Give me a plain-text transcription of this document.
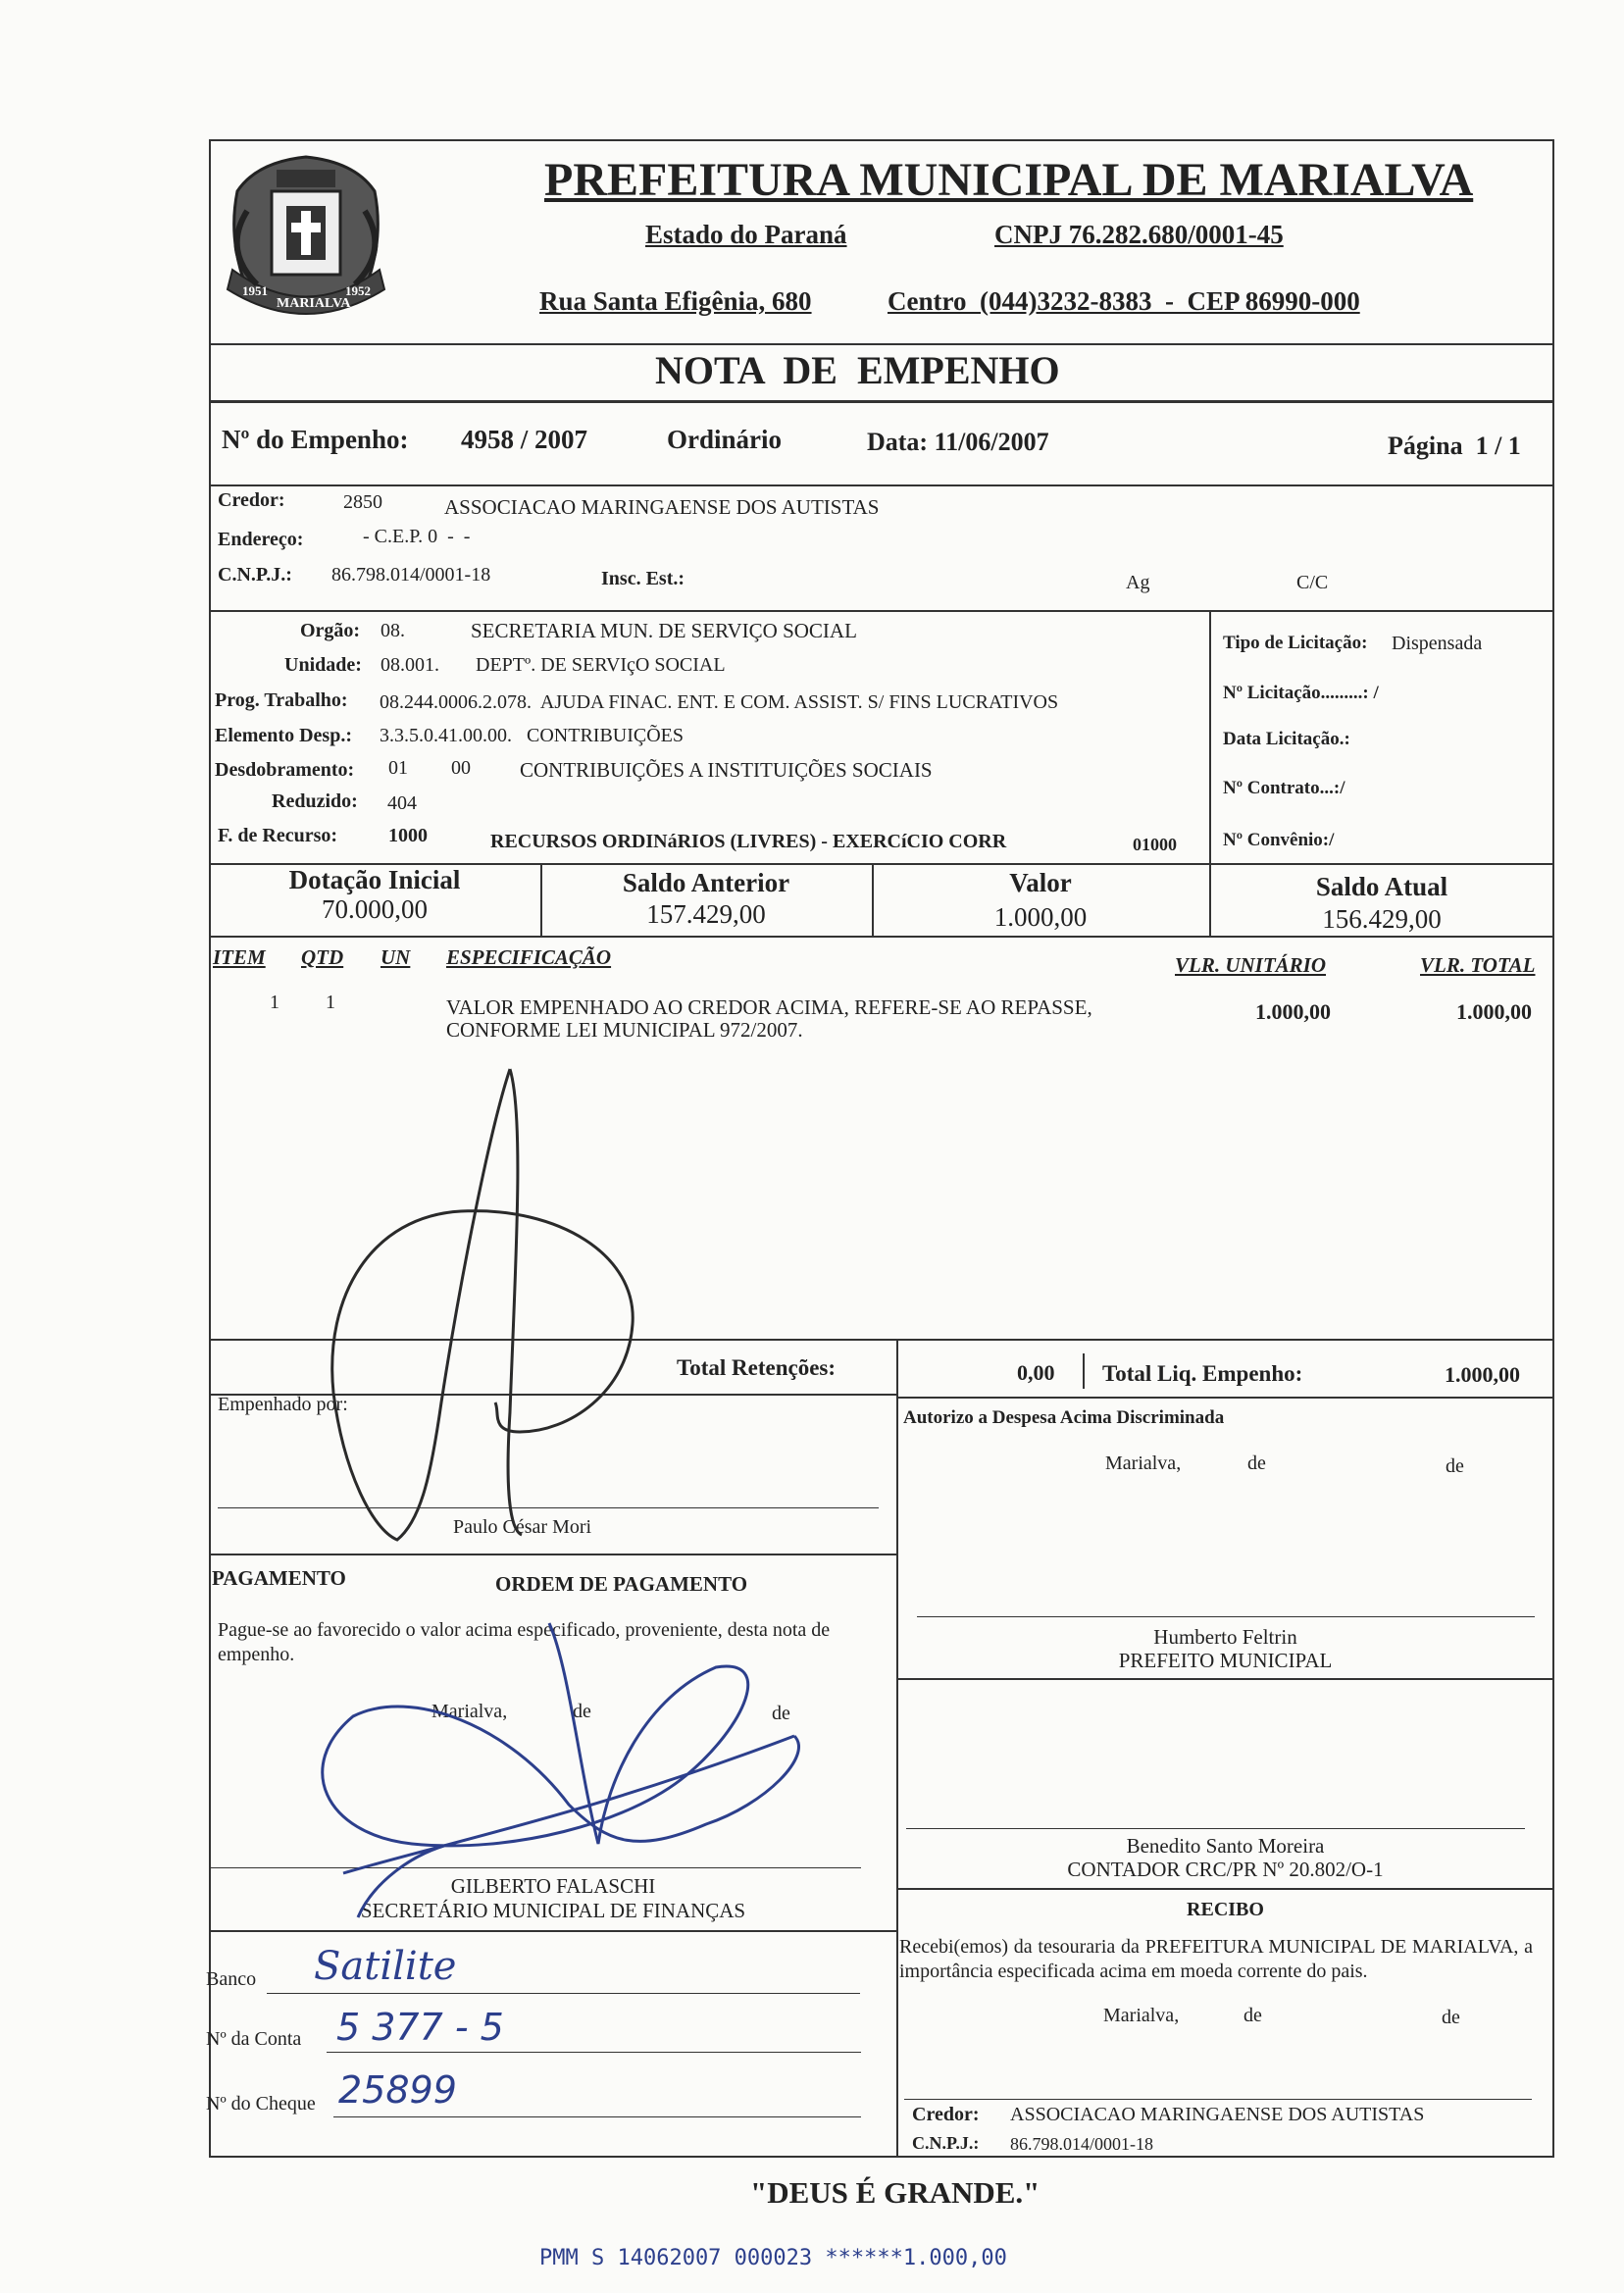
1951
MARIALVA
1952
PREFEITURA MUNICIPAL DE MARIALVA
Estado do Paraná	CNPJ 76.282.680/0001-45
Rua Santa Efigênia, 680	Centro  (044)3232-8383  -  CEP 86990-000
NOTA  DE  EMPENHO
Nº do Empenho: 4958 / 2007	Ordinário	Data: 11/06/2007	Página  1 / 1
Credor:	2850	ASSOCIACAO MARINGAENSE DOS AUTISTAS
Endereço:	- C.E.P. 0  -  -
C.N.P.J.: 86.798.014/0001-18	Insc. Est.:	Ag	C/C
Orgão: 08.	SECRETARIA MUN. DE SERVIÇO SOCIAL
Unidade: 08.001. DEPTº. DE SERVIçO SOCIAL
Prog. Trabalho: 08.244.0006.2.078.  AJUDA FINAC. ENT. E COM. ASSIST. S/ FINS LUCRATIVOS
Elemento Desp.: 3.3.5.0.41.00.00.   CONTRIBUIÇÕES
Desdobramento: 01 00 CONTRIBUIÇÕES A INSTITUIÇÕES SOCIAIS
Reduzido: 404
F. de Recurso:	1000	RECURSOS ORDINáRIOS (LIVRES) - EXERCíCIO CORR	01000
Tipo de Licitação: Dispensada
Nº Licitação.........: /
Data Licitação.:
Nº Contrato...:/
Nº Convênio:/
Dotação Inicial
70.000,00
Saldo Anterior
157.429,00
Valor
1.000,00
Saldo Atual
156.429,00
ITEM QTD UN ESPECIFICAÇÃO	VLR. UNITÁRIO	VLR. TOTAL
1 1	VALOR EMPENHADO AO CREDOR ACIMA, REFERE-SE AO REPASSE,
CONFORME LEI MUNICIPAL 972/2007.
1.000,00	1.000,00
Total Retenções:	0,00 Total Liq. Empenho:	1.000,00
Empenhado por:
Paulo César Mori
Autorizo a Despesa Acima Discriminada
Marialva,	de	de
Humberto Feltrin
PREFEITO MUNICIPAL
PAGAMENTO	ORDEM DE PAGAMENTO
Pague-se ao favorecido o valor acima especificado, proveniente, desta nota de empenho.
Marialva,	de	de
GILBERTO FALASCHI
SECRETÁRIO MUNICIPAL DE FINANÇAS
Benedito Santo Moreira
CONTADOR CRC/PR Nº 20.802/O-1
RECIBO
Recebi(emos) da tesouraria da PREFEITURA MUNICIPAL DE MARIALVA, a importância especificada acima em moeda corrente do pais.
Marialva,	de	de
Credor: ASSOCIACAO MARINGAENSE DOS AUTISTAS
C.N.P.J.: 86.798.014/0001-18
Banco Satilite
Nº da Conta 5 377 - 5
Nº do Cheque 25899
"DEUS É GRANDE."
PMM S 14062007 000023 ******1.000,00
